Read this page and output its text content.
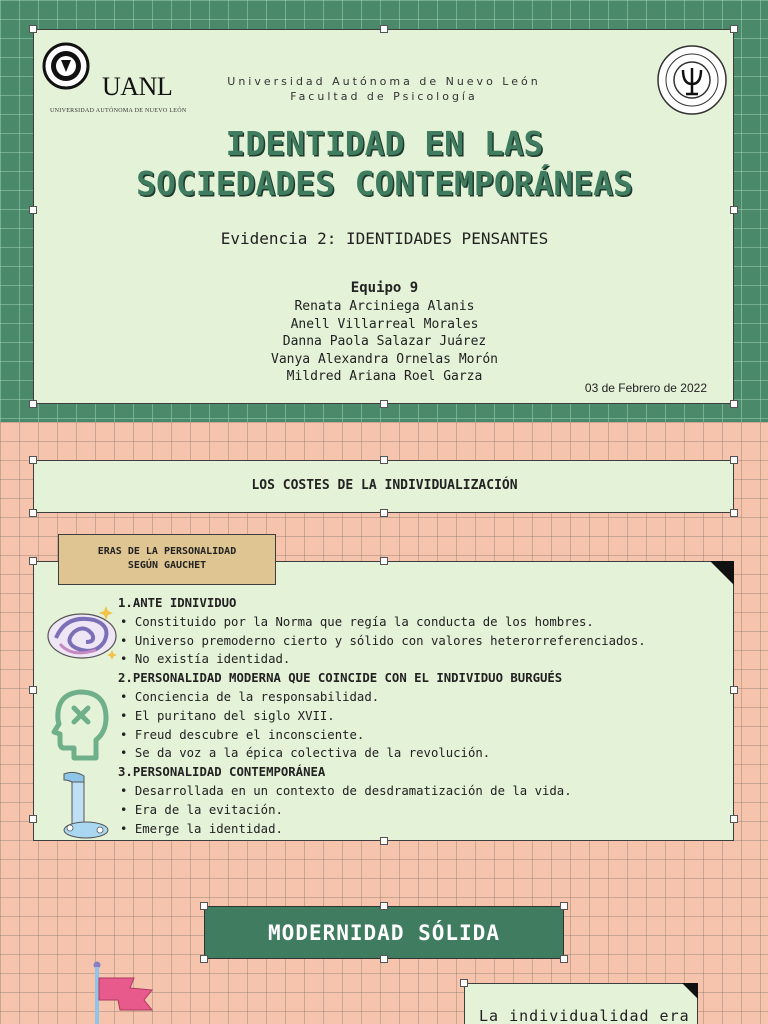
UANL
UNIVERSIDAD AUTÓNOMA DE NUEVO LEÓN
Universidad Autónoma de Nuevo León
Facultad de Psicología
IDENTIDAD EN LAS
SOCIEDADES CONTEMPORÁNEAS
Evidencia 2: IDENTIDADES PENSANTES
Equipo 9
Renata Arciniega Alanis
Anell Villarreal Morales
Danna Paola Salazar Juárez
Vanya Alexandra Ornelas Morón
Mildred Ariana Roel Garza
03 de Febrero de 2022
LOS COSTES DE LA INDIVIDUALIZACIÓN
1.ANTE IDNIVIDUO
• Constituido por la Norma que regía la conducta de los hombres.
• Universo premoderno cierto y sólido con valores heterorreferenciados.
• No existía identidad.
2.PERSONALIDAD MODERNA QUE COINCIDE CON EL INDIVIDUO BURGUÉS
• Conciencia de la responsabilidad.
• El puritano del siglo XVII.
• Freud descubre el inconsciente.
• Se da voz a la épica colectiva de la revolución.
3.PERSONALIDAD CONTEMPORÁNEA
• Desarrollada en un contexto de desdramatización de la vida.
• Era de la evitación.
• Emerge la identidad.
ERAS DE LA PERSONALIDAD
SEGÚN GAUCHET
MODERNIDAD SÓLIDA
La individualidad era
